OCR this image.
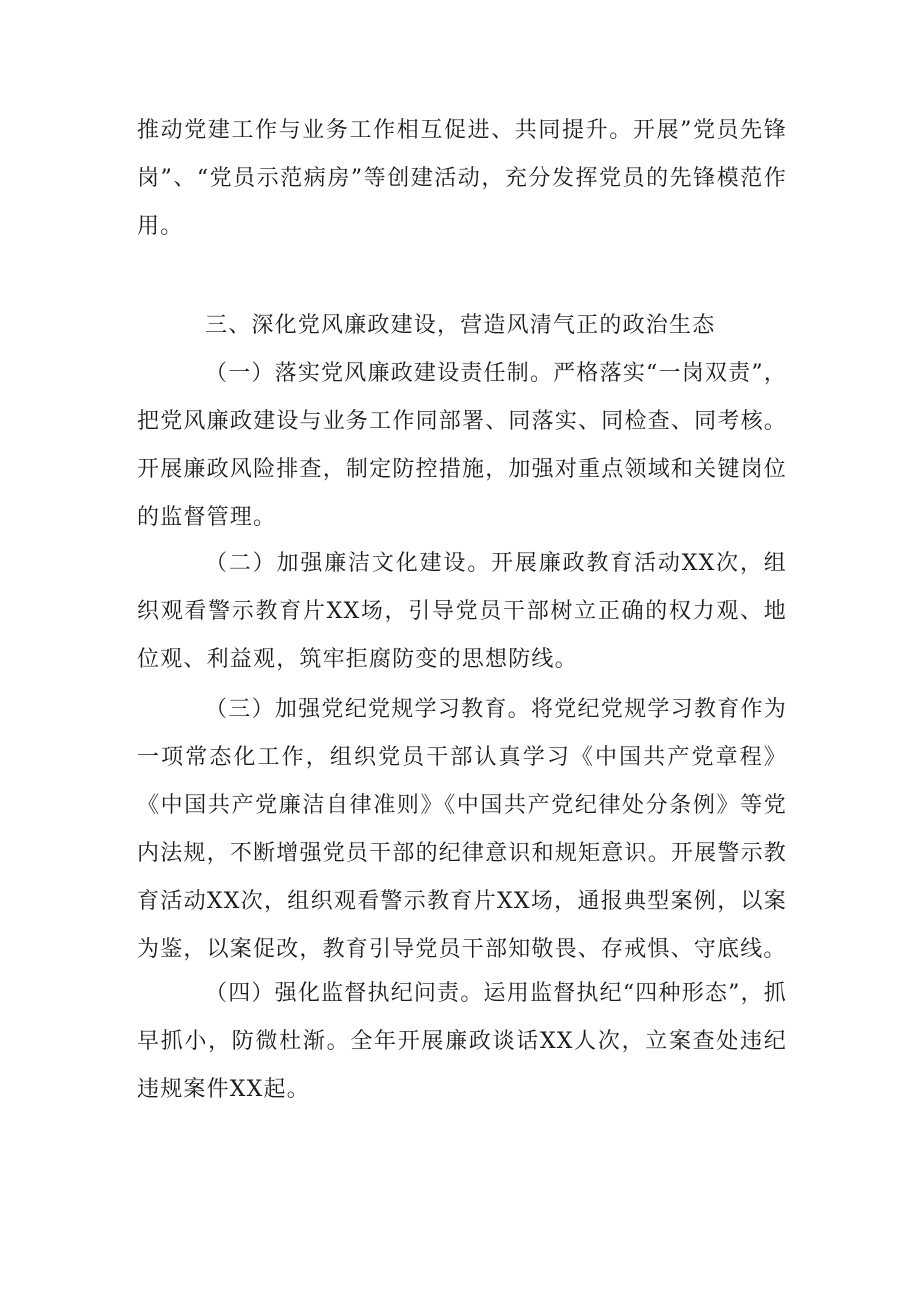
推动党建工作与业务工作相互促进、共同提升。开展”党员先锋岗”、“党员示范病房”等创建活动，充分发挥党员的先锋模范作用。

三、深化党风廉政建设，营造风清气正的政治生态

（一）落实党风廉政建设责任制。严格落实“一岗双责”，把党风廉政建设与业务工作同部署、同落实、同检查、同考核。开展廉政风险排查，制定防控措施，加强对重点领域和关键岗位的监督管理。

（二）加强廉洁文化建设。开展廉政教育活动XX次，组织观看警示教育片XX场，引导党员干部树立正确的权力观、地位观、利益观，筑牢拒腐防变的思想防线。

（三）加强党纪党规学习教育。将党纪党规学习教育作为一项常态化工作，组织党员干部认真学习《中国共产党章程》《中国共产党廉洁自律准则》《中国共产党纪律处分条例》等党内法规，不断增强党员干部的纪律意识和规矩意识。开展警示教育活动XX次，组织观看警示教育片XX场，通报典型案例，以案为鉴，以案促改，教育引导党员干部知敬畏、存戒惧、守底线。

（四）强化监督执纪问责。运用监督执纪“四种形态”，抓早抓小，防微杜渐。全年开展廉政谈话XX人次，立案查处违纪违规案件XX起。
